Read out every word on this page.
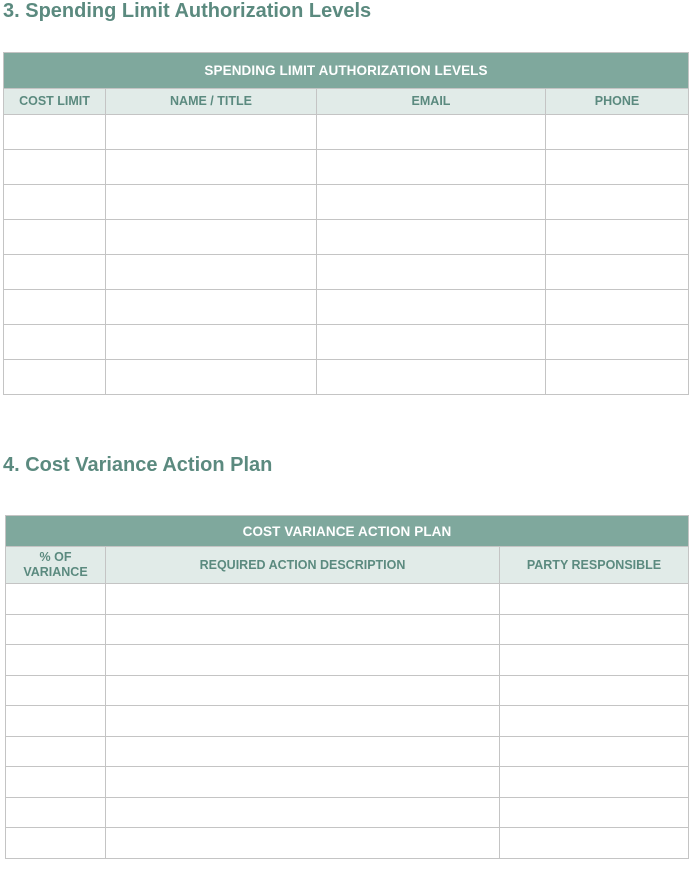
3. Spending Limit Authorization Levels
SPENDING LIMIT AUTHORIZATION LEVELS			
COST LIMIT	NAME / TITLE	EMAIL	PHONE

4. Cost Variance Action Plan
COST VARIANCE ACTION PLAN		
% OF VARIANCE	REQUIRED ACTION DESCRIPTION	PARTY RESPONSIBLE
